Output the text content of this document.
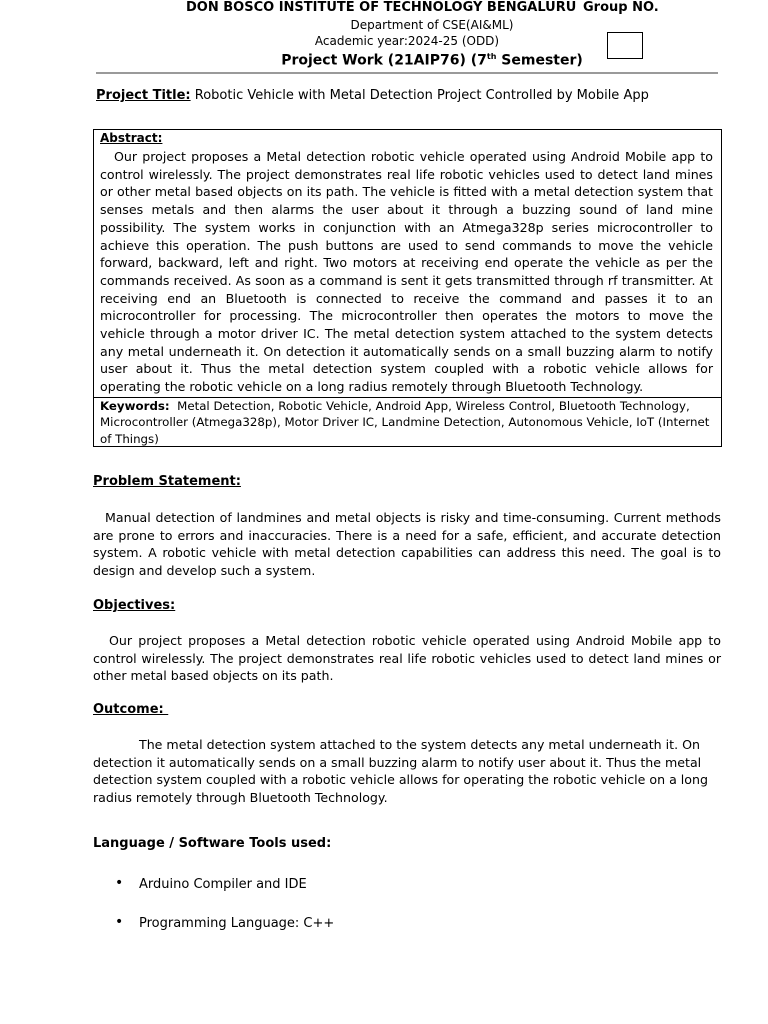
DON BOSCO INSTITUTE OF TECHNOLOGY BENGALURU Group NO.
Department of CSE(AI&ML)
Academic year:2024-25 (ODD)
Project Work (21AIP76) (7th Semester)
Project Title: Robotic Vehicle with Metal Detection Project Controlled by Mobile App
Abstract:

Our project proposes a Metal detection robotic vehicle operated using Android Mobile app to control wirelessly. The project demonstrates real life robotic vehicles used to detect land mines or other metal based objects on its path. The vehicle is fitted with a metal detection system that senses metals and then alarms the user about it through a buzzing sound of land mine possibility. The system works in conjunction with an Atmega328p series microcontroller to achieve this operation. The push buttons are used to send commands to move the vehicle forward, backward, left and right. Two motors at receiving end operate the vehicle as per the commands received. As soon as a command is sent it gets transmitted through rf transmitter. At receiving end an Bluetooth is connected to receive the command and passes it to an microcontroller for processing. The microcontroller then operates the motors to move the vehicle through a motor driver IC. The metal detection system attached to the system detects any metal underneath it. On detection it automatically sends on a small buzzing alarm to notify user about it. Thus the metal detection system coupled with a robotic vehicle allows for operating the robotic vehicle on a long radius remotely through Bluetooth Technology.

Keywords: Metal Detection, Robotic Vehicle, Android App, Wireless Control, Bluetooth Technology, Microcontroller (Atmega328p), Motor Driver IC, Landmine Detection, Autonomous Vehicle, IoT (Internet of Things)

Problem Statement:

Manual detection of landmines and metal objects is risky and time-consuming. Current methods are prone to errors and inaccuracies. There is a need for a safe, efficient, and accurate detection system. A robotic vehicle with metal detection capabilities can address this need. The goal is to design and develop such a system.

Objectives:

Our project proposes a Metal detection robotic vehicle operated using Android Mobile app to control wirelessly. The project demonstrates real life robotic vehicles used to detect land mines or other metal based objects on its path.

Outcome:

The metal detection system attached to the system detects any metal underneath it. On detection it automatically sends on a small buzzing alarm to notify user about it. Thus the metal detection system coupled with a robotic vehicle allows for operating the robotic vehicle on a long radius remotely through Bluetooth Technology.

Language / Software Tools used:
• Arduino Compiler and IDE
• Programming Language: C++
